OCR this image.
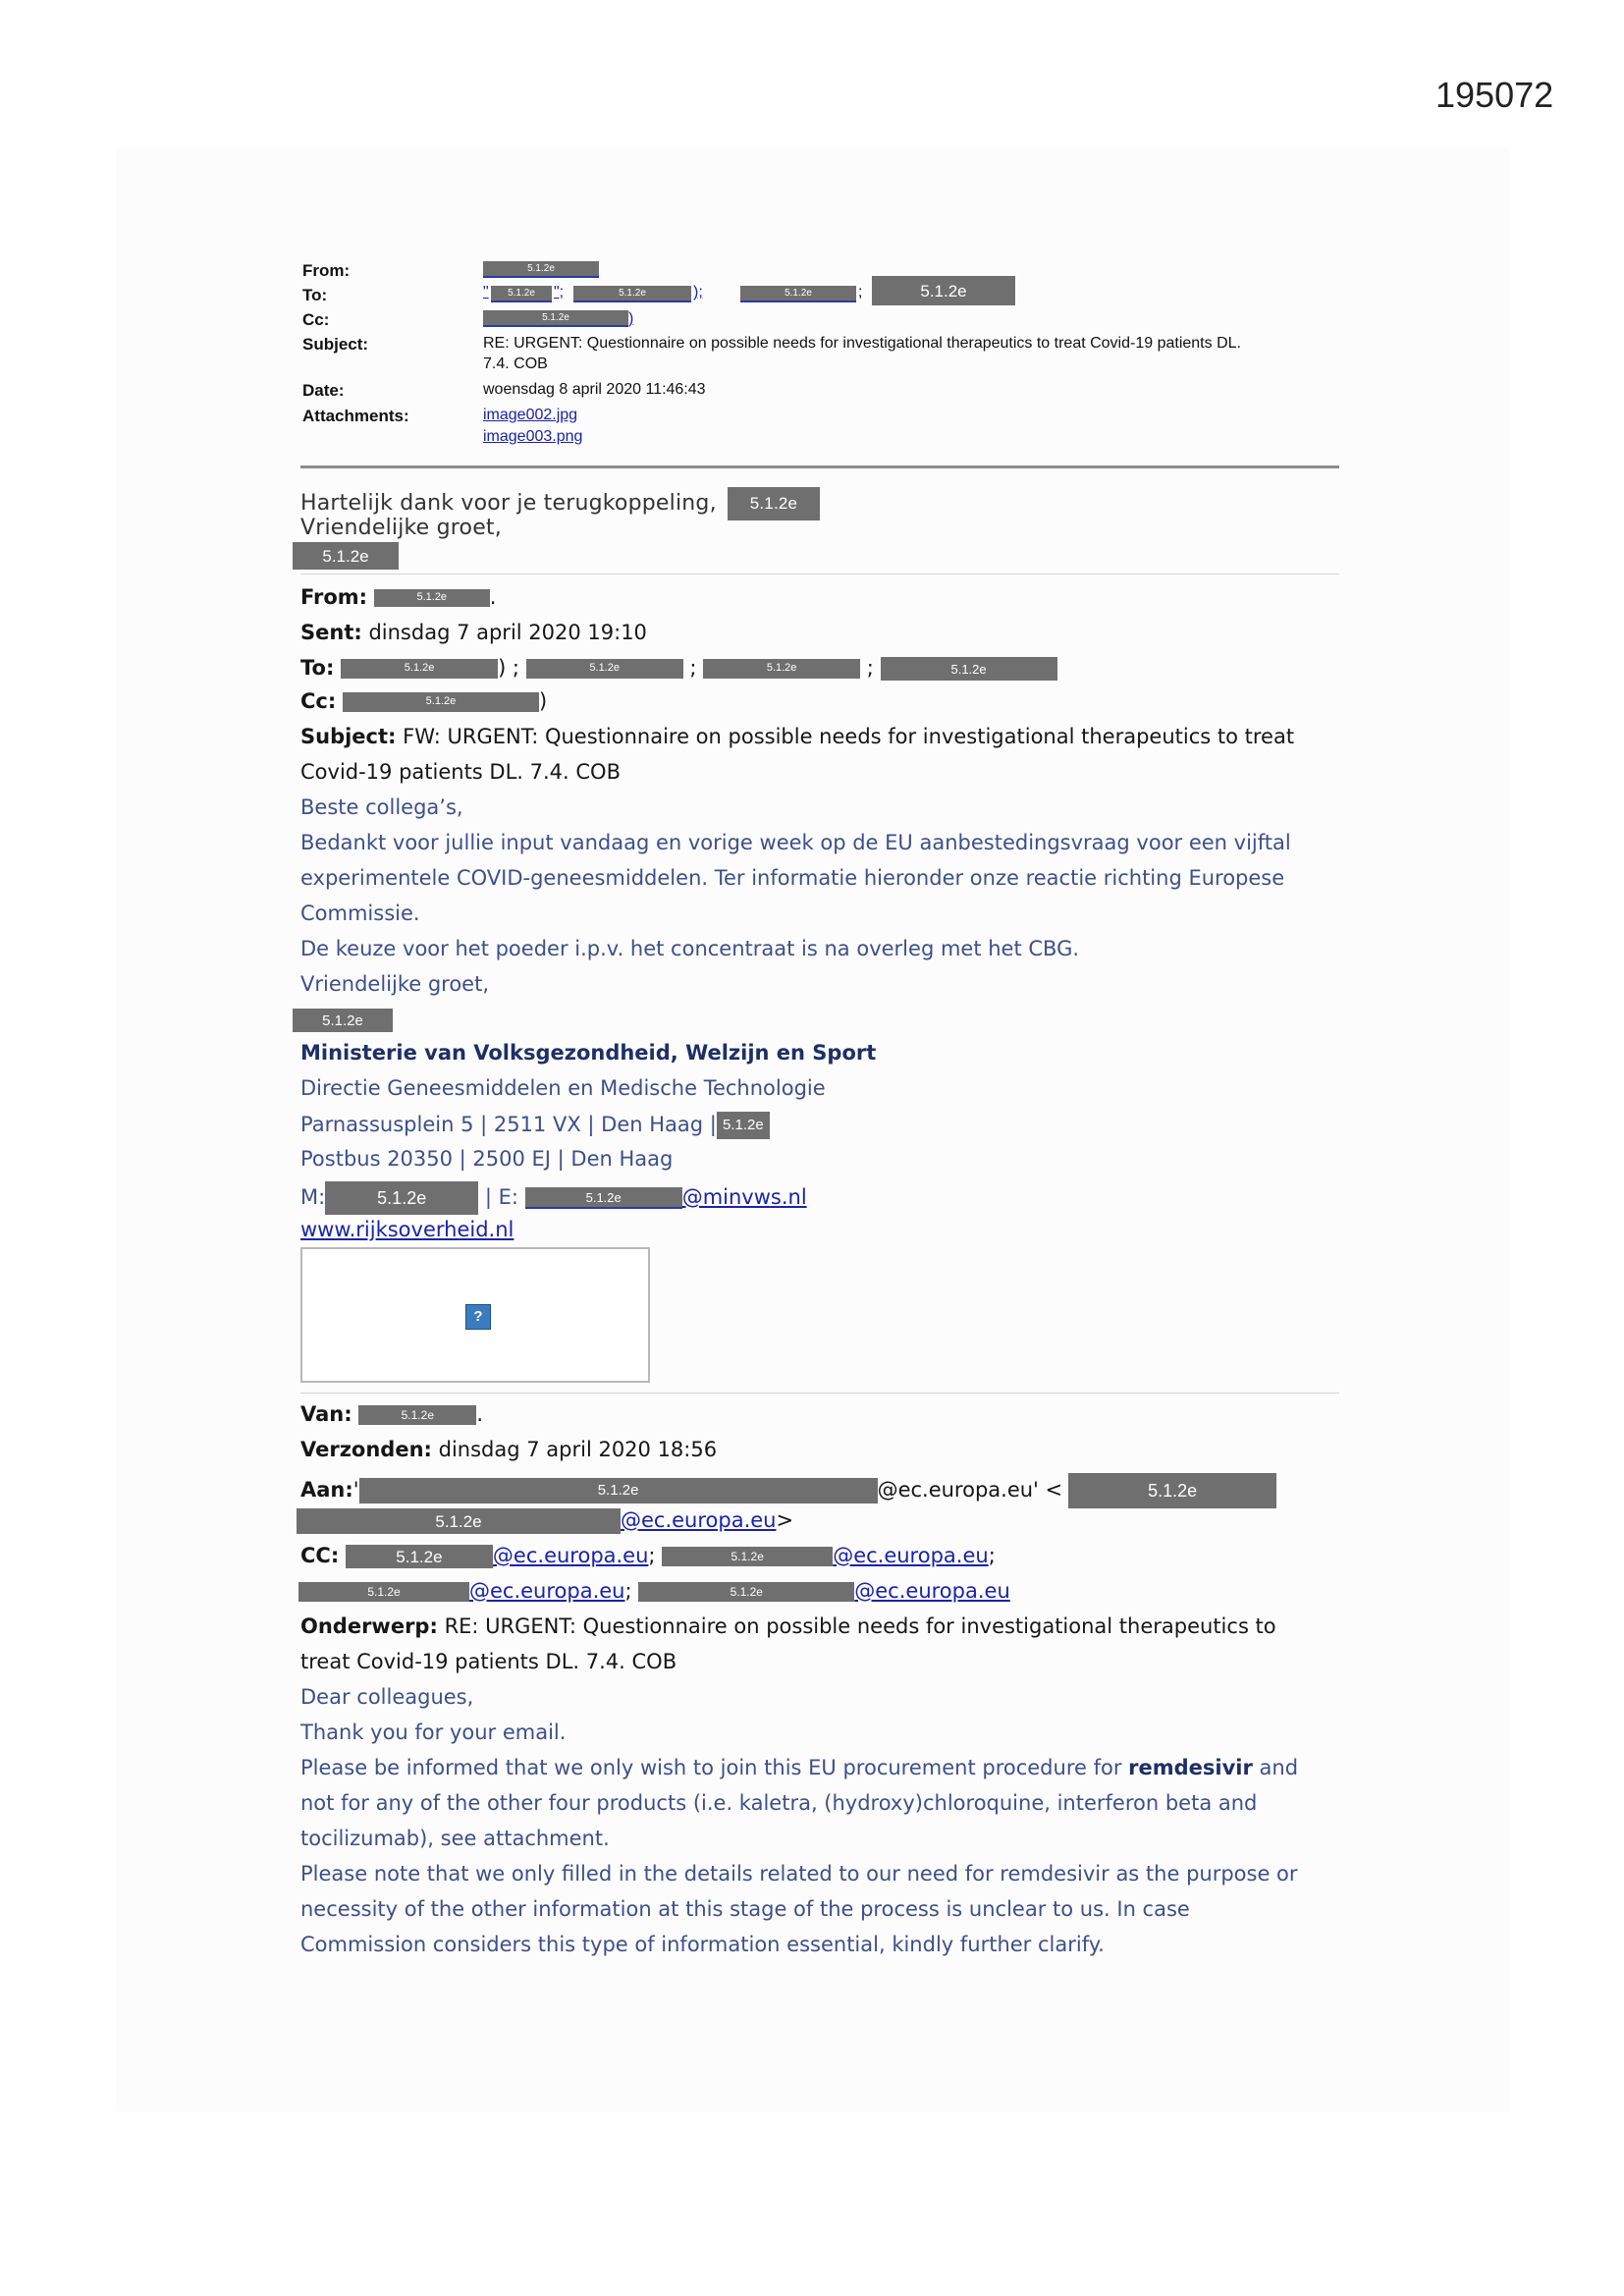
195072
From:	5.1.2e
To:	"	5.1.2e	";	5.1.2e	);	5.1.2e	;	5.1.2e
Cc:	5.1.2e	)
Subject:	RE: URGENT: Questionnaire on possible needs for investigational therapeutics to treat Covid-19 patients DL.
7.4. COB
Date:	woensdag 8 april 2020 11:46:43
Attachments:	image002.jpg
image003.png
Hartelijk dank voor je terugkoppeling, 5.1.2e
Vriendelijke groet,
5.1.2e
From:	5.1.2e .
Sent: dinsdag 7 april 2020 19:10
To:	5.1.2e	) ;	5.1.2e	;	5.1.2e	;	5.1.2e
Cc:	5.1.2e	)
Subject: FW: URGENT: Questionnaire on possible needs for investigational therapeutics to treat
Covid-19 patients DL. 7.4. COB
Beste collega’s,
Bedankt voor jullie input vandaag en vorige week op de EU aanbestedingsvraag voor een vijftal
experimentele COVID-geneesmiddelen. Ter informatie hieronder onze reactie richting Europese
Commissie.
De keuze voor het poeder i.p.v. het concentraat is na overleg met het CBG.
Vriendelijke groet,
5.1.2e
Ministerie van Volksgezondheid, Welzijn en Sport
Directie Geneesmiddelen en Medische Technologie
Parnassusplein 5 | 2511 VX | Den Haag | 5.1.2e
Postbus 20350 | 2500 EJ | Den Haag
M:	5.1.2e	| E:	5.1.2e	@minvws.nl
www.rijksoverheid.nl
?
Van:	5.1.2e .
Verzonden: dinsdag 7 april 2020 18:56
Aan:'	5.1.2e	@ec.europa.eu' <	5.1.2e
5.1.2e	@ec.europa.eu>
CC:	5.1.2e @ec.europa.eu;	5.1.2e	@ec.europa.eu;
5.1.2e	@ec.europa.eu;	5.1.2e	@ec.europa.eu
Onderwerp: RE: URGENT: Questionnaire on possible needs for investigational therapeutics to
treat Covid-19 patients DL. 7.4. COB
Dear colleagues,
Thank you for your email.
Please be informed that we only wish to join this EU procurement procedure for remdesivir and
not for any of the other four products (i.e. kaletra, (hydroxy)chloroquine, interferon beta and
tocilizumab), see attachment.
Please note that we only filled in the details related to our need for remdesivir as the purpose or
necessity of the other information at this stage of the process is unclear to us. In case
Commission considers this type of information essential, kindly further clarify.
